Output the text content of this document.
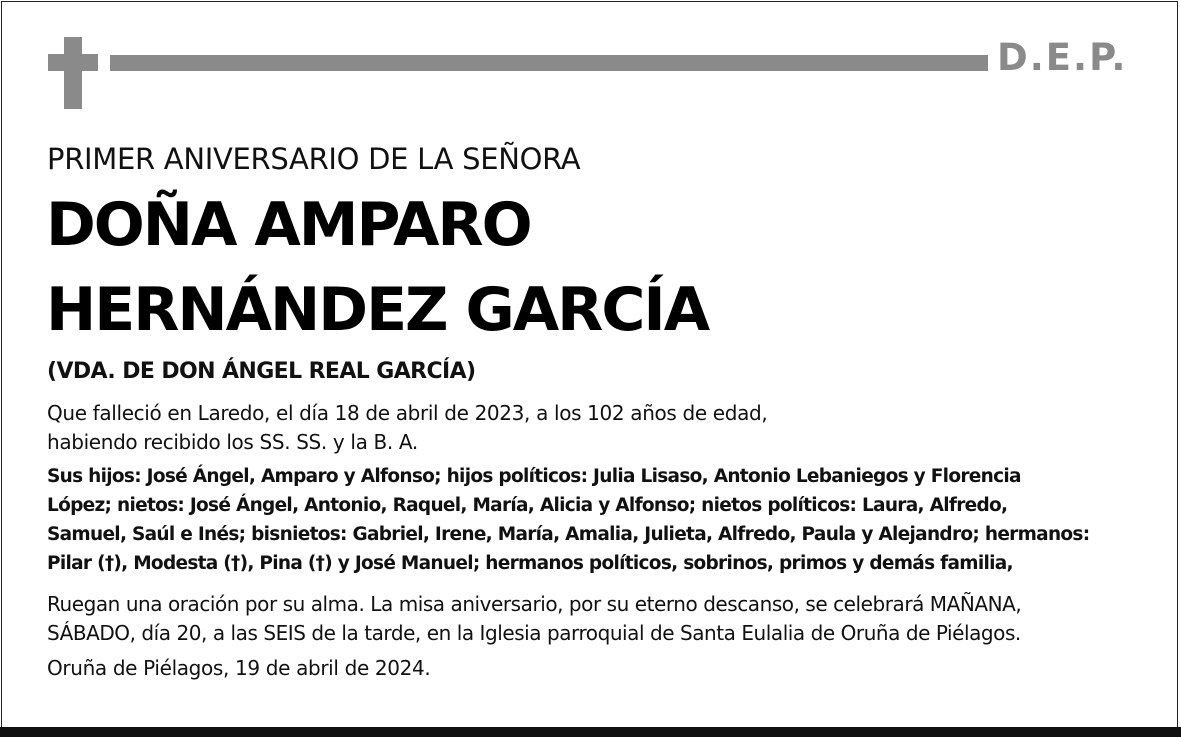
D.E.P.
PRIMER ANIVERSARIO DE LA SEÑORA
DOÑA AMPARO
HERNÁNDEZ GARCÍA
(VDA. DE DON ÁNGEL REAL GARCÍA)

Que falleció en Laredo, el día 18 de abril de 2023, a los 102 años de edad,
habiendo recibido los SS. SS. y la B. A.

Sus hijos: José Ángel, Amparo y Alfonso; hijos políticos: Julia Lisaso, Antonio Lebaniegos y Florencia
López; nietos: José Ángel, Antonio, Raquel, María, Alicia y Alfonso; nietos políticos: Laura, Alfredo,
Samuel, Saúl e Inés; bisnietos: Gabriel, Irene, María, Amalia, Julieta, Alfredo, Paula y Alejandro; hermanos:
Pilar (†), Modesta (†), Pina (†) y José Manuel; hermanos políticos, sobrinos, primos y demás familia,

Ruegan una oración por su alma. La misa aniversario, por su eterno descanso, se celebrará MAÑANA,
SÁBADO, día 20, a las SEIS de la tarde, en la Iglesia parroquial de Santa Eulalia de Oruña de Piélagos.

Oruña de Piélagos, 19 de abril de 2024.
